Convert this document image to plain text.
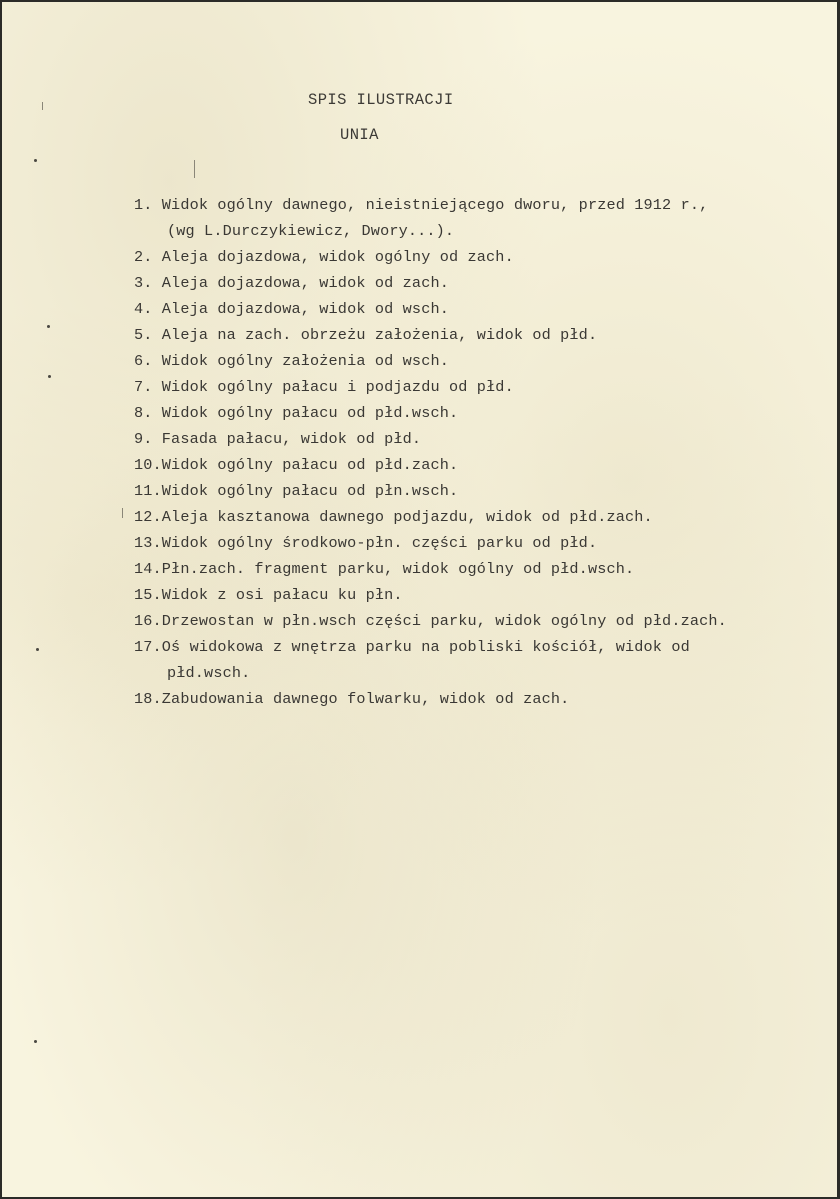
SPIS ILUSTRACJI
UNIA
1. Widok ogólny dawnego, nieistniejącego dworu, przed 1912 r.,
(wg L.Durczykiewicz, Dwory...).
2. Aleja dojazdowa, widok ogólny od zach.
3. Aleja dojazdowa, widok od zach.
4. Aleja dojazdowa, widok od wsch.
5. Aleja na zach. obrzeżu założenia, widok od płd.
6. Widok ogólny założenia od wsch.
7. Widok ogólny pałacu i podjazdu od płd.
8. Widok ogólny pałacu od płd.wsch.
9. Fasada pałacu, widok od płd.
10.Widok ogólny pałacu od płd.zach.
11.Widok ogólny pałacu od płn.wsch.
12.Aleja kasztanowa dawnego podjazdu, widok od płd.zach.
13.Widok ogólny środkowo-płn. części parku od płd.
14.Płn.zach. fragment parku, widok ogólny od płd.wsch.
15.Widok z osi pałacu ku płn.
16.Drzewostan w płn.wsch części parku, widok ogólny od płd.zach.
17.Oś widokowa z wnętrza parku na pobliski kościół, widok od
płd.wsch.
18.Zabudowania dawnego folwarku, widok od zach.
